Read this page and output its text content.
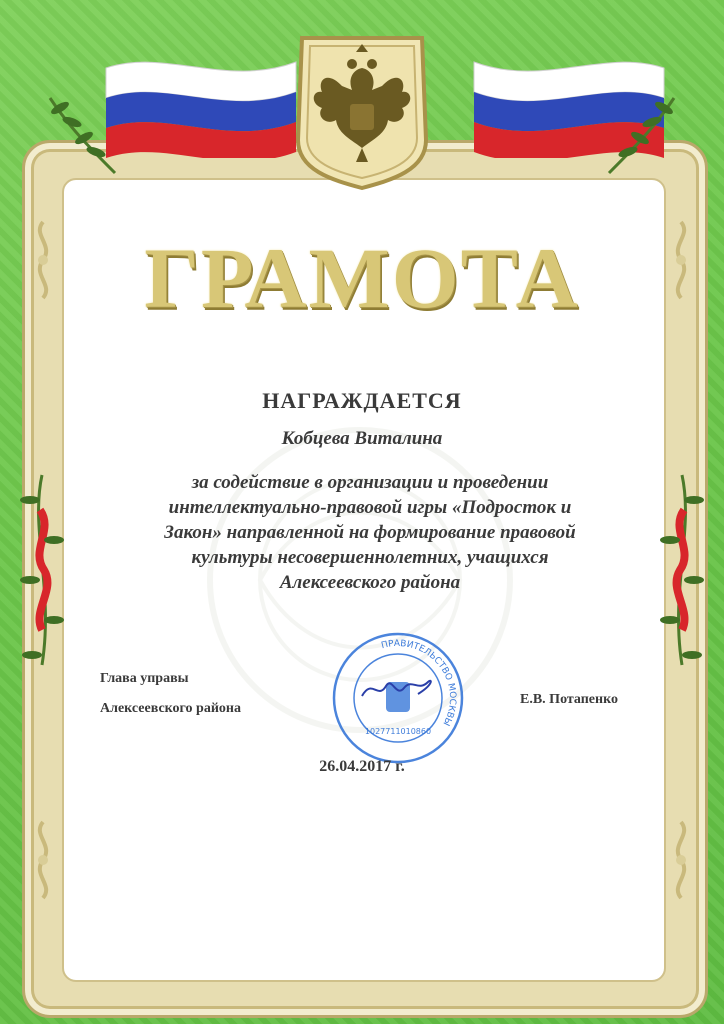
ГРАМОТА
НАГРАЖДАЕТСЯ
Кобцева Виталина
за содействие в организации и проведении
интеллектуально-правовой игры «Подросток и
Закон» направленной на формирование правовой
культуры несовершеннолетних, учащихся
Алексеевского района
Глава управы
Алексеевского района
Е.В. Потапенко
ПРАВИТЕЛЬСТВО МОСКВЫ
1027711010860
26.04.2017 г.
